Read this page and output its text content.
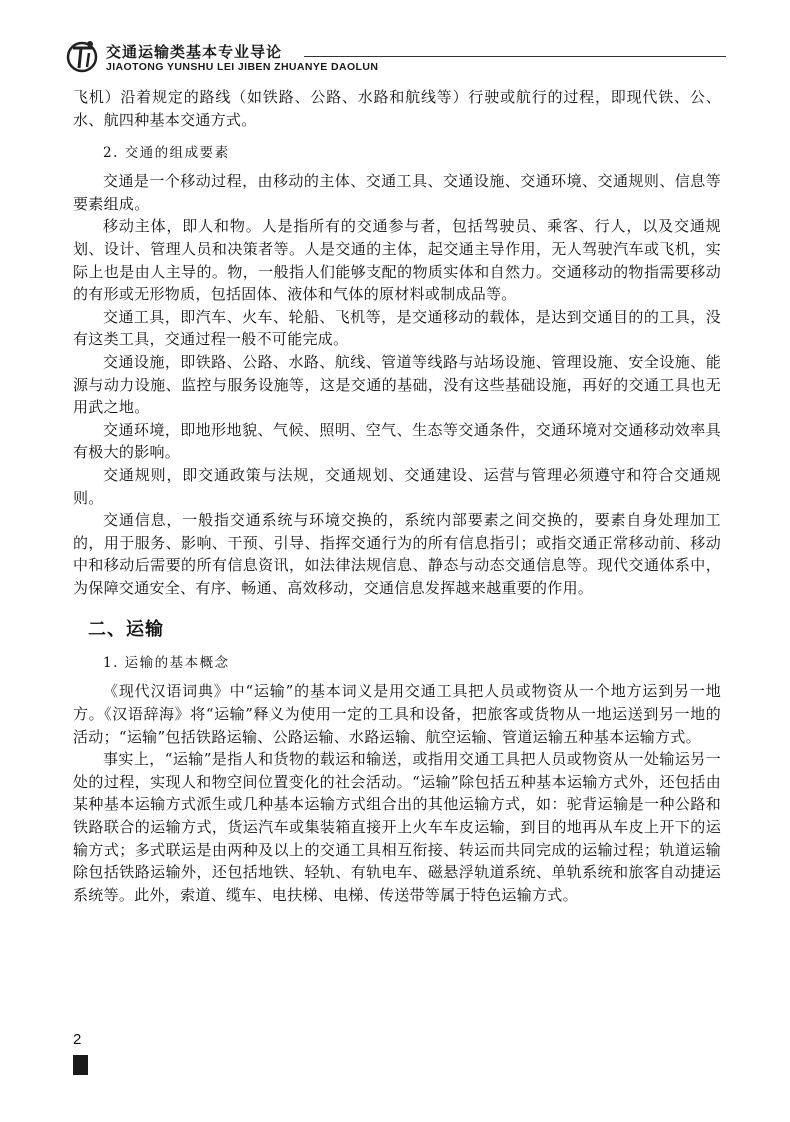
交通运输类基本专业导论
JIAOTONG YUNSHU LEI JIBEN ZHUANYE DAOLUN

飞机）沿着规定的路线（如铁路、公路、水路和航线等）行驶或航行的过程，即现代铁、公、水、航四种基本交通方式。

2. 交通的组成要素

交通是一个移动过程，由移动的主体、交通工具、交通设施、交通环境、交通规则、信息等要素组成。

移动主体，即人和物。人是指所有的交通参与者，包括驾驶员、乘客、行人，以及交通规划、设计、管理人员和决策者等。人是交通的主体，起交通主导作用，无人驾驶汽车或飞机，实际上也是由人主导的。物，一般指人们能够支配的物质实体和自然力。交通移动的物指需要移动的有形或无形物质，包括固体、液体和气体的原材料或制成品等。

交通工具，即汽车、火车、轮船、飞机等，是交通移动的载体，是达到交通目的的工具，没有这类工具，交通过程一般不可能完成。

交通设施，即铁路、公路、水路、航线、管道等线路与站场设施、管理设施、安全设施、能源与动力设施、监控与服务设施等，这是交通的基础，没有这些基础设施，再好的交通工具也无用武之地。

交通环境，即地形地貌、气候、照明、空气、生态等交通条件，交通环境对交通移动效率具有极大的影响。

交通规则，即交通政策与法规，交通规划、交通建设、运营与管理必须遵守和符合交通规则。

交通信息，一般指交通系统与环境交换的，系统内部要素之间交换的，要素自身处理加工的，用于服务、影响、干预、引导、指挥交通行为的所有信息指引；或指交通正常移动前、移动中和移动后需要的所有信息资讯，如法律法规信息、静态与动态交通信息等。现代交通体系中，为保障交通安全、有序、畅通、高效移动，交通信息发挥越来越重要的作用。

二、运输
1. 运输的基本概念

《现代汉语词典》中“运输”的基本词义是用交通工具把人员或物资从一个地方运到另一地方。《汉语辞海》将“运输”释义为使用一定的工具和设备，把旅客或货物从一地运送到另一地的活动；“运输”包括铁路运输、公路运输、水路运输、航空运输、管道运输五种基本运输方式。

事实上，“运输”是指人和货物的载运和输送，或指用交通工具把人员或物资从一处输运另一处的过程，实现人和物空间位置变化的社会活动。“运输”除包括五种基本运输方式外，还包括由某种基本运输方式派生或几种基本运输方式组合出的其他运输方式，如：驼背运输是一种公路和铁路联合的运输方式，货运汽车或集装箱直接开上火车车皮运输，到目的地再从车皮上开下的运输方式；多式联运是由两种及以上的交通工具相互衔接、转运而共同完成的运输过程；轨道运输除包括铁路运输外，还包括地铁、轻轨、有轨电车、磁悬浮轨道系统、单轨系统和旅客自动捷运系统等。此外，索道、缆车、电扶梯、电梯、传送带等属于特色运输方式。

2
